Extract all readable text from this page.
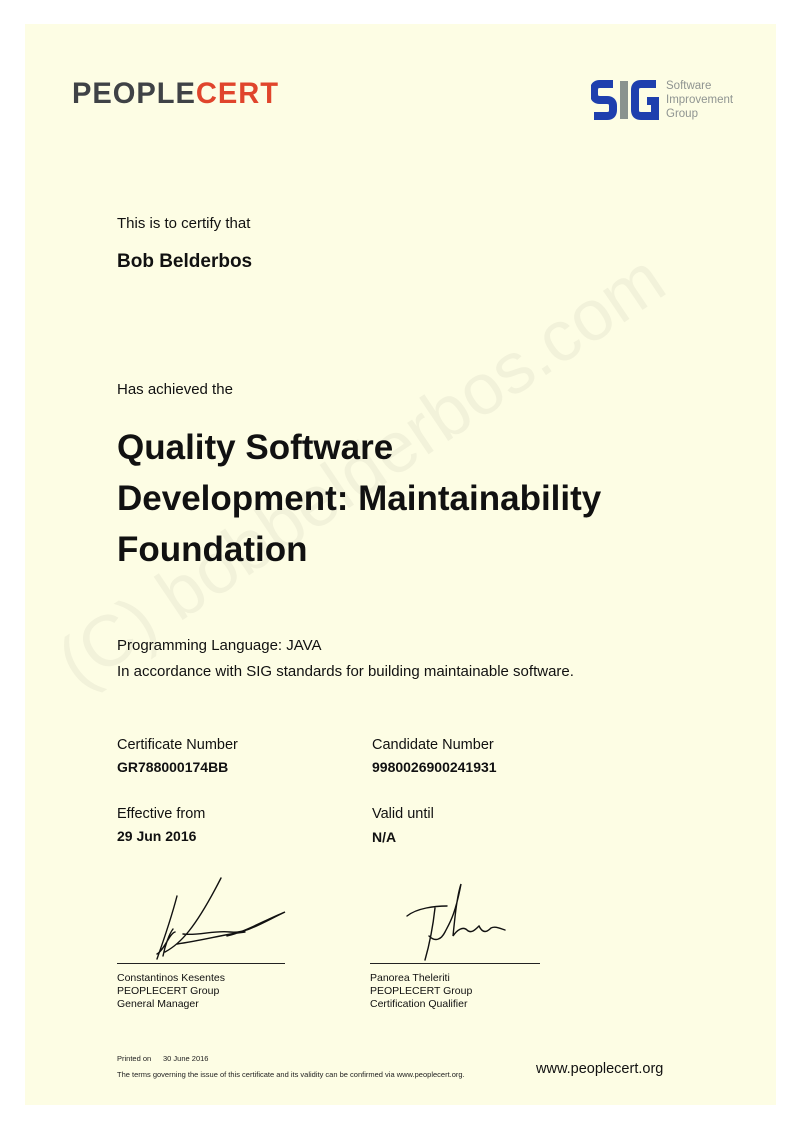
PEOPLECERT	Software
Improvement
Group
This is to certify that
Bob Belderbos
Has achieved the
Quality Software
Development: Maintainability
Foundation
Programming Language: JAVA
In accordance with SIG standards for building maintainable software.
Certificate Number
GR788000174BB
Candidate Number
9980026900241931
Effective from
29 Jun 2016
Valid until
N/A
Constantinos Kesentes
PEOPLECERT Group
General Manager
Panorea Theleriti
PEOPLECERT Group
Certification Qualifier
Printed on 30 June 2016
The terms governing the issue of this certificate and its validity can be confirmed via www.peoplecert.org.	www.peoplecert.org
